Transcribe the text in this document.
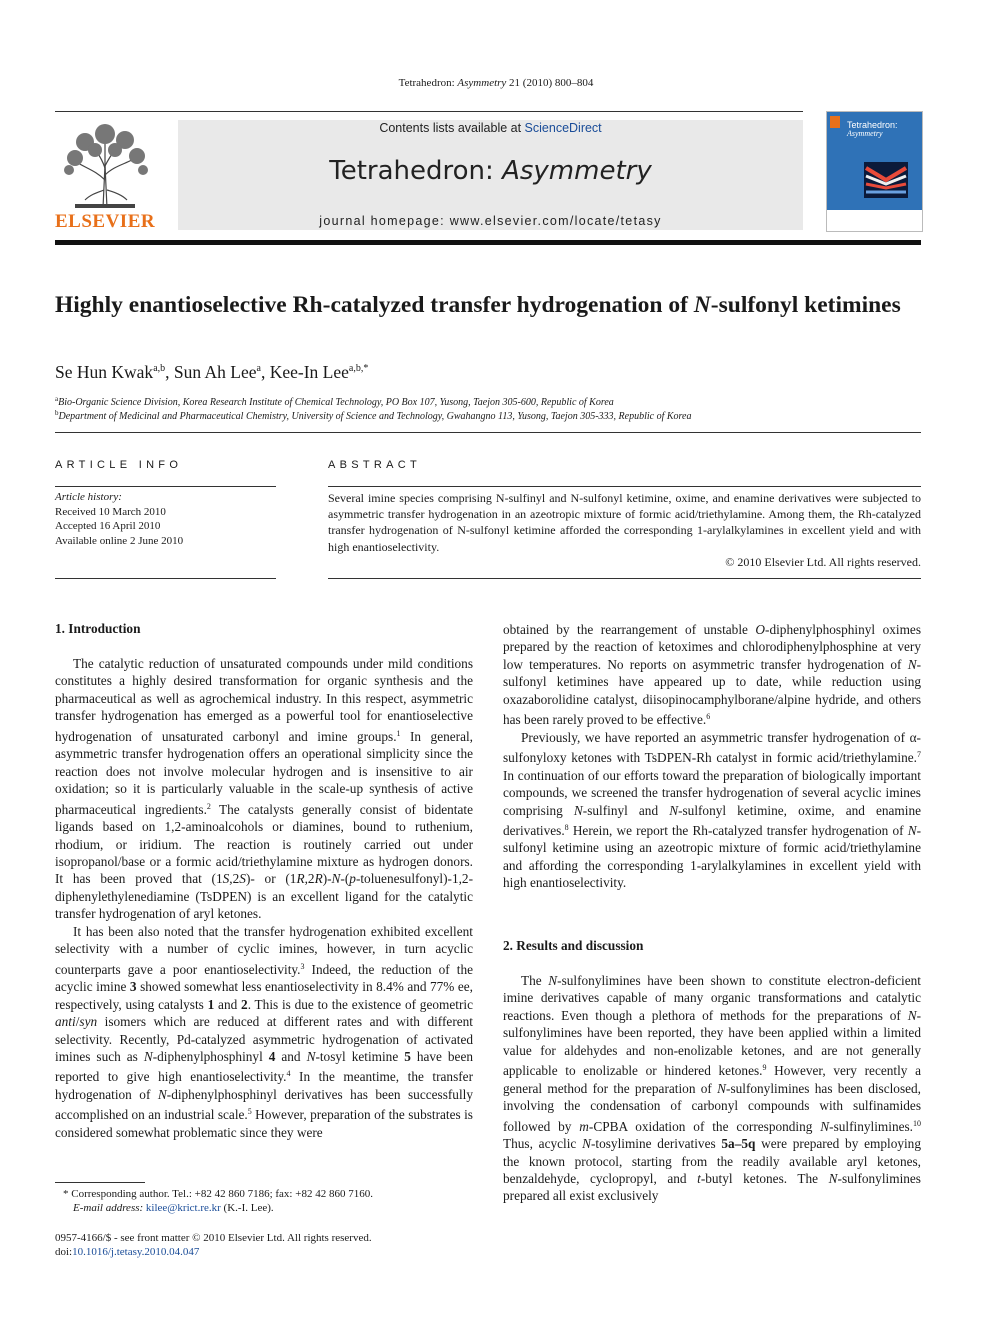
Tetrahedron: Asymmetry 21 (2010) 800–804
ELSEVIER
Contents lists available at ScienceDirect
Tetrahedron: Asymmetry
journal homepage: www.elsevier.com/locate/tetasy
Tetrahedron:
Asymmetry
Highly enantioselective Rh-catalyzed transfer hydrogenation of N-sulfonyl ketimines
Se Hun Kwak$^{a,b}$, Sun Ah Lee$^a$, Kee-In Lee$^{a,b,*}$
$^a$Bio-Organic Science Division, Korea Research Institute of Chemical Technology, PO Box 107, Yusong, Taejon 305-600, Republic of Korea
$^b$Department of Medicinal and Pharmaceutical Chemistry, University of Science and Technology, Gwahangno 113, Yusong, Taejon 305-333, Republic of Korea
ARTICLE INFO
Article history:
Received 10 March 2010
Accepted 16 April 2010
Available online 2 June 2010
ABSTRACT
Several imine species comprising N-sulfinyl and N-sulfonyl ketimine, oxime, and enamine derivatives were subjected to asymmetric transfer hydrogenation in an azeotropic mixture of formic acid/triethylamine. Among them, the Rh-catalyzed transfer hydrogenation of N-sulfonyl ketimine afforded the corresponding 1-arylalkylamines in excellent yield and with high enantioselectivity.
© 2010 Elsevier Ltd. All rights reserved.
1. Introduction

The catalytic reduction of unsaturated compounds under mild conditions constitutes a highly desired transformation for organic synthesis and the pharmaceutical as well as agrochemical industry. In this respect, asymmetric transfer hydrogenation has emerged as a powerful tool for enantioselective hydrogenation of unsaturated carbonyl and imine groups.$^1$ In general, asymmetric transfer hydrogenation offers an operational simplicity since the reaction does not involve molecular hydrogen and is insensitive to air oxidation; so it is particularly valuable in the scale-up synthesis of active pharmaceutical ingredients.$^2$ The catalysts generally consist of bidentate ligands based on 1,2-aminoalcohols or diamines, bound to ruthenium, rhodium, or iridium. The reaction is routinely carried out under isopropanol/base or a formic acid/triethylamine mixture as hydrogen donors. It has been proved that (1S,2S)- or (1R,2R)-N-(p-toluenesulfonyl)-1,2-diphenylethylenediamine (TsDPEN) is an excellent ligand for the catalytic transfer hydrogenation of aryl ketones.

It has been also noted that the transfer hydrogenation exhibited excellent selectivity with a number of cyclic imines, however, in turn acyclic counterparts gave a poor enantioselectivity.$^3$ Indeed, the reduction of the acyclic imine 3 showed somewhat less enantioselectivity in 8.4% and 77% ee, respectively, using catalysts 1 and 2. This is due to the existence of geometric anti/syn isomers which are reduced at different rates and with different selectivity. Recently, Pd-catalyzed asymmetric hydrogenation of activated imines such as N-diphenylphosphinyl 4 and N-tosyl ketimine 5 have been reported to give high enantioselectivity.$^4$ In the meantime, the transfer hydrogenation of N-diphenylphosphinyl derivatives has been successfully accomplished on an industrial scale.$^5$ However, preparation of the substrates is considered somewhat problematic since they were

* Corresponding author. Tel.: +82 42 860 7186; fax: +82 42 860 7160.
E-mail address: kilee@krict.re.kr (K.-I. Lee).
0957-4166/$ - see front matter © 2010 Elsevier Ltd. All rights reserved.
doi:10.1016/j.tetasy.2010.04.047

obtained by the rearrangement of unstable O-diphenylphosphinyl oximes prepared by the reaction of ketoximes and chlorodiphenylphosphine at very low temperatures. No reports on asymmetric transfer hydrogenation of N-sulfonyl ketimines have appeared up to date, while reduction using oxazaborolidine catalyst, diisopinocamphylborane/alpine hydride, and others has been rarely proved to be effective.$^6$

Previously, we have reported an asymmetric transfer hydrogenation of α-sulfonyloxy ketones with TsDPEN-Rh catalyst in formic acid/triethylamine.$^7$ In continuation of our efforts toward the preparation of biologically important compounds, we screened the transfer hydrogenation of several acyclic imines comprising N-sulfinyl and N-sulfonyl ketimine, oxime, and enamine derivatives.$^8$ Herein, we report the Rh-catalyzed transfer hydrogenation of N-sulfonyl ketimine using an azeotropic mixture of formic acid/triethylamine and affording the corresponding 1-arylalkylamines in excellent yield with high enantioselectivity.

2. Results and discussion

The N-sulfonylimines have been shown to constitute electron-deficient imine derivatives capable of many organic transformations and catalytic reactions. Even though a plethora of methods for the preparations of N-sulfonylimines have been reported, they have been applied within a limited value for aldehydes and non-enolizable ketones, and are not generally applicable to enolizable or hindered ketones.$^9$ However, very recently a general method for the preparation of N-sulfonylimines has been disclosed, involving the condensation of carbonyl compounds with sulfinamides followed by m-CPBA oxidation of the corresponding N-sulfinylimines.$^{10}$ Thus, acyclic N-tosylimine derivatives 5a–5q were prepared by employing the known protocol, starting from the readily available aryl ketones, benzaldehyde, cyclopropyl, and t-butyl ketones. The N-sulfonylimines prepared all exist exclusively
